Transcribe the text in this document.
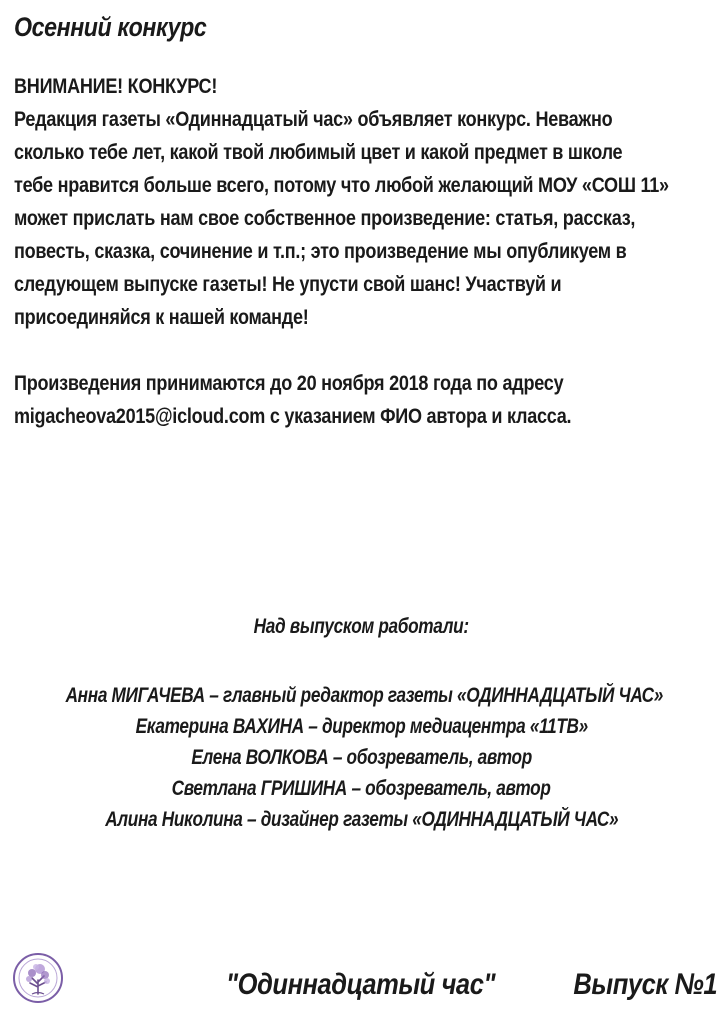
Осенний конкурс

ВНИМАНИЕ! КОНКУРС!
Редакция газеты «Одиннадцатый час» объявляет конкурс. Неважно
сколько тебе лет, какой твой любимый цвет и какой предмет в школе
тебе нравится больше всего, потому что любой желающий МОУ «СОШ 11»
может прислать нам свое собственное произведение: статья, рассказ,
повесть, сказка, сочинение и т.п.; это произведение мы опубликуем в
следующем выпуске газеты! Не упусти свой шанс! Участвуй и
присоединяйся к нашей команде!

Произведения принимаются до 20 ноября 2018 года по адресу
migacheova2015@icloud.com с указанием ФИО автора и класса.

Над выпуском работали:
Анна МИГАЧЕВА – главный редактор газеты «ОДИННАДЦАТЫЙ ЧАС»
Екатерина ВАХИНА – директор медиацентра «11ТВ»
Елена ВОЛКОВА – обозреватель, автор
Светлана ГРИШИНА – обозреватель, автор
Алина Николина – дизайнер газеты «ОДИННАДЦАТЫЙ ЧАС»
"Одиннадцатый час"	Выпуск №1
